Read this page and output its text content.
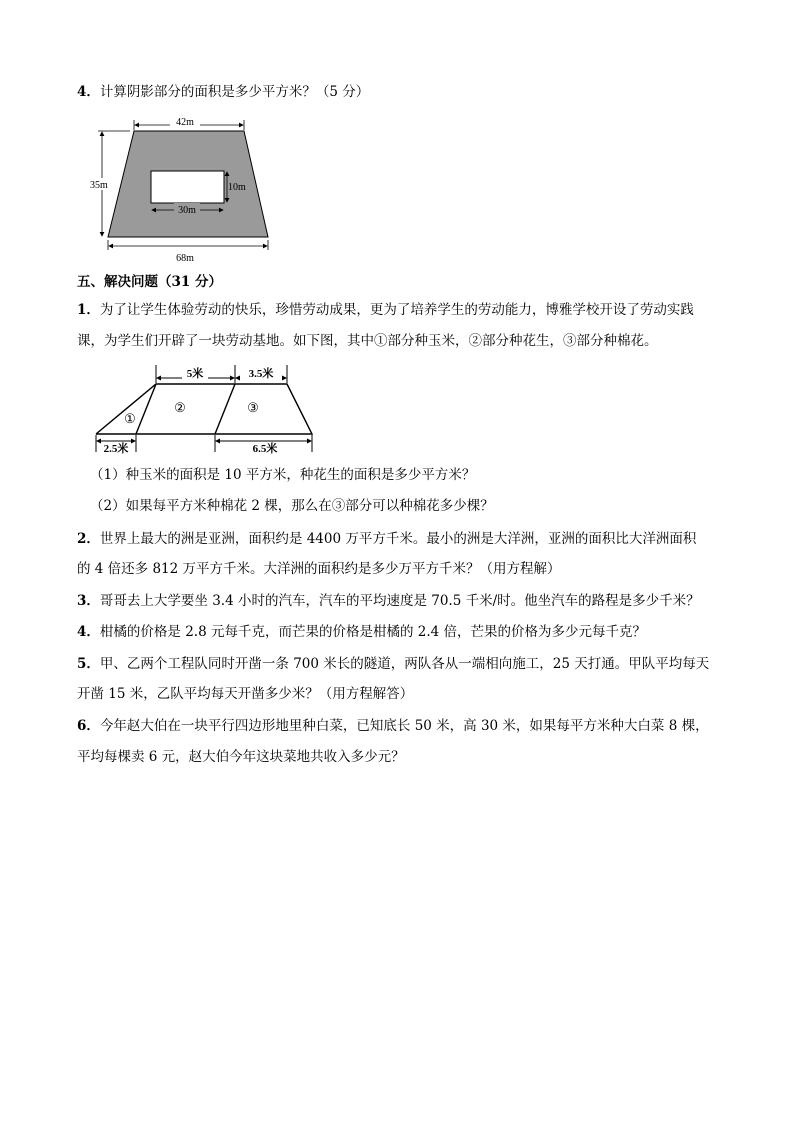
4．计算阴影部分的面积是多少平方米？（5 分）
42m
35m	10m
30m
68m
五、解决问题（31 分）
1．为了让学生体验劳动的快乐，珍惜劳动成果，更为了培养学生的劳动能力，博雅学校开设了劳动实践
课，为学生们开辟了一块劳动基地。如下图，其中①部分种玉米，②部分种花生，③部分种棉花。
①
②	③
5米	3.5米
2.5米	6.5米
（1）种玉米的面积是 10 平方米，种花生的面积是多少平方米？
（2）如果每平方米种棉花 2 棵，那么在③部分可以种棉花多少棵？
2．世界上最大的洲是亚洲，面积约是 4400 万平方千米。最小的洲是大洋洲，亚洲的面积比大洋洲面积
的 4 倍还多 812 万平方千米。大洋洲的面积约是多少万平方千米？（用方程解）
3．哥哥去上大学要坐 3.4 小时的汽车，汽车的平均速度是 70.5 千米/时。他坐汽车的路程是多少千米？
4．柑橘的价格是 2.8 元每千克，而芒果的价格是柑橘的 2.4 倍，芒果的价格为多少元每千克？
5．甲、乙两个工程队同时开凿一条 700 米长的隧道，两队各从一端相向施工，25 天打通。甲队平均每天
开凿 15 米，乙队平均每天开凿多少米？（用方程解答）
6．今年赵大伯在一块平行四边形地里种白菜，已知底长 50 米，高 30 米，如果每平方米种大白菜 8 棵，
平均每棵卖 6 元，赵大伯今年这块菜地共收入多少元？
